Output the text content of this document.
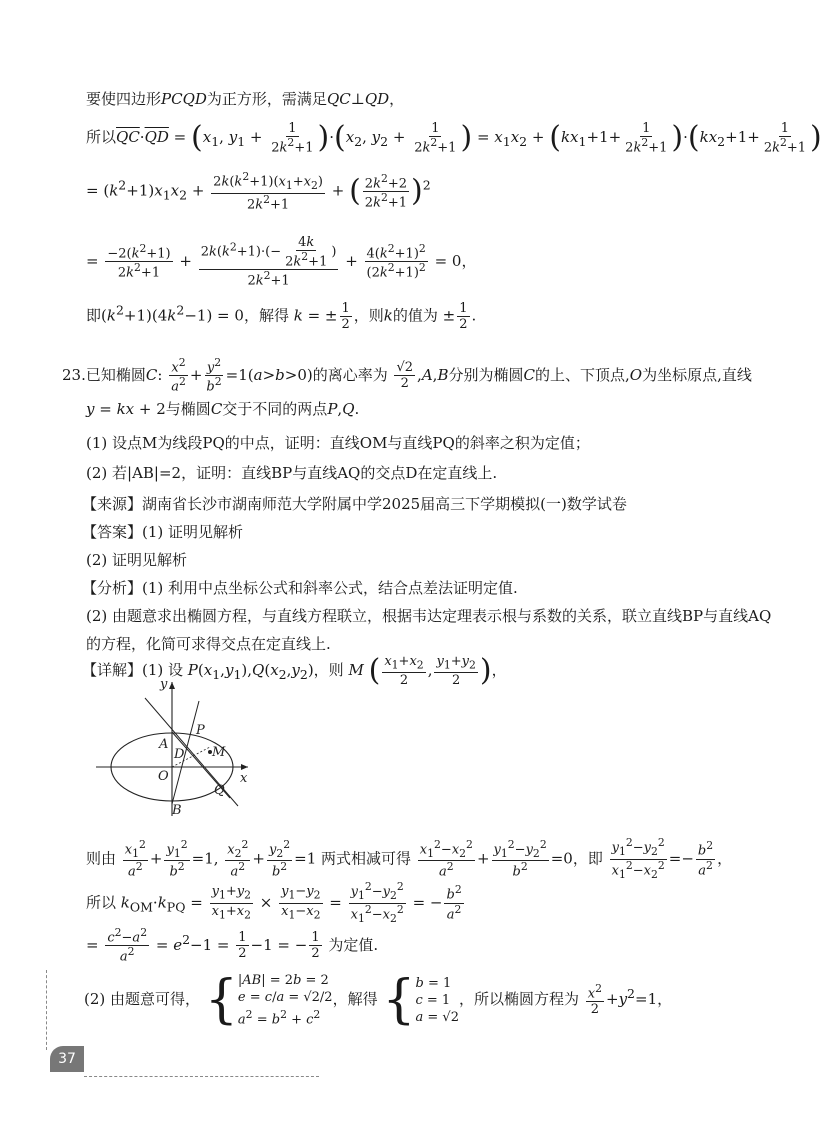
要使四边形PCQD为正方形，需满足QC⊥QD，
所以$\overline{QC}\cdot\overline{QD} = (x_1$, $y_1 + \frac{1}{2k^2+1} )\cdot(x_2$, $y_2 + \frac{1}{2k^2+1}$ ) = $x_1x_2 + (kx_1+1+ \frac{1}{2k^2+1} )\cdot(kx_2+1+ \frac{1}{2k^2+1}$ )
= $(k^2+1)x_1x_2 + \frac{2k(k^2+1)(x_1+x_2)}{2k^2+1}$ + ( $\frac{2k^2+2}{2k^2+1} )^2$
= $\frac{-2(k^2+1)}{2k^2+1} + \frac{2k(k^2+1)\cdot(- \frac{4k}{2k^2+1} )}{2k^2+1} + \frac{4(k^2+1)^2}{(2k^2+1)^2} = 0$，
即$(k^2+1)(4k^2-1) = 0$，解得 k = ± $\frac{1}{2}$ ，则k的值为 ± $\frac{1}{2}$ .
23.已知椭圆C: $\frac{x^2}{a^2} + \frac{y^2}{b^2} =1(a>b>0)$的离心率为 $\frac{√2}{2} ,A,B$分别为椭圆C的上、下顶点,O为坐标原点,直线
y = kx + 2与椭圆C交于不同的两点P,Q.
(1) 设点M为线段PQ的中点，证明：直线OM与直线PQ的斜率之积为定值；
(2) 若|AB|=2，证明：直线BP与直线AQ的交点D在定直线上.
【来源】湖南省长沙市湖南师范大学附属中学2025届高三下学期模拟(一)数学试卷
【答案】(1) 证明见解析
(2) 证明见解析
【分析】(1) 利用中点坐标公式和斜率公式，结合点差法证明定值.
(2) 由题意求出椭圆方程，与直线方程联立，根据韦达定理表示根与系数的关系，联立直线BP与直线AQ
的方程，化简可求得交点在定直线上.
【详解】(1) 设 $P(x_1,y_1),Q(x_2,y_2)$，则 M ( $\frac{x_1+x_2}{2}$ , $\frac{y_1+y_2}{2}$ )，
y
x
O
A
B
D M
P
Q
则由 $\frac{x_1^2}{a^2} + \frac{y_1^2}{b^2} =1$, $\frac{x_2^2}{a^2} + \frac{y_2^2}{b^2} =1$ 两式相减可得 $\frac{x_1^2-x_2^2}{a^2} + \frac{y_1^2-y_2^2}{b^2} =0$，即 $\frac{y_1^2-y_2^2}{x_1^2-x_2^2} =- \frac{b^2}{a^2}$ ，
所以 $k_{OM}\cdot k_{PQ} = \frac{y_1+y_2}{x_1+x_2} \times \frac{y_1-y_2}{x_1-x_2} = \frac{y_1^2-y_2^2}{x_1^2-x_2^2}$ = − $\frac{b^2}{a^2}$
= $\frac{c^2-a^2}{a^2} = e^2-1 = \frac{1}{2} -1$ = − $\frac{1}{2}$ 为定值.
(2) 由题意可得， { |AB| = 2b = 2
e = c/a = √2/2
$a^2 = b^2 + c^2$
，解得 { b = 1
c = 1
a = √2
，所以椭圆方程为 $\frac{x^2}{2} +y^2=1$，
37
